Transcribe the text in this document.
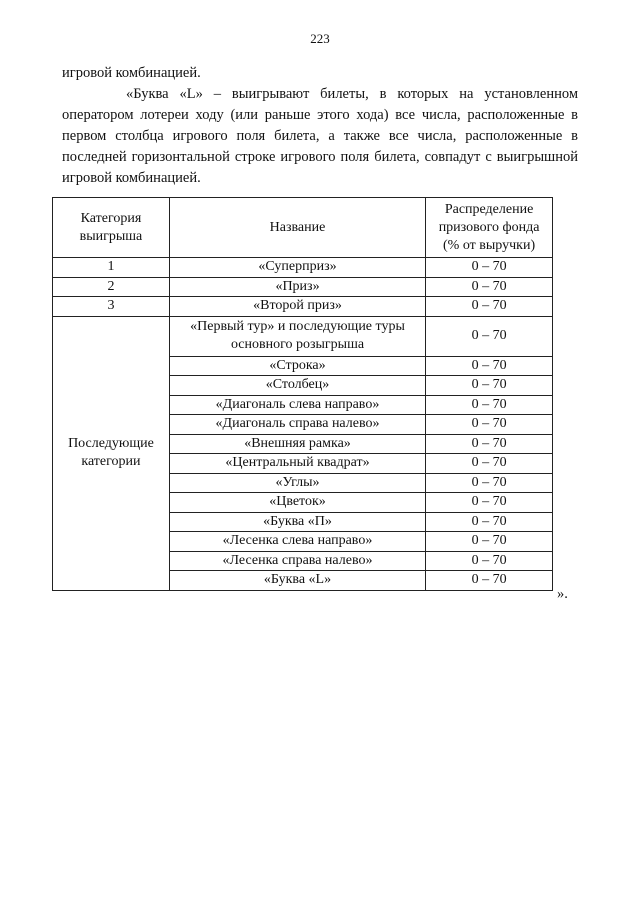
223
игровой комбинацией.
«Буква «L» – выигрывают билеты, в которых на установленном оператором лотереи ходу (или раньше этого хода) все числа, расположенные в первом столбца игрового поля билета, а также все числа, расположенные в последней горизонтальной строке игрового поля билета, совпадут с выигрышной игровой комбинацией.
Категория выигрыша	Название	Распределение призового фонда (% от выручки)
1	«Суперприз»	0 – 70
2	«Приз»	0 – 70
3	«Второй приз»	0 – 70
Последующие категории	«Первый тур» и последующие туры основного розыгрыша	0 – 70
	«Строка»	0 – 70
	«Столбец»	0 – 70
	«Диагональ слева направо»	0 – 70
	«Диагональ справа налево»	0 – 70
	«Внешняя рамка»	0 – 70
	«Центральный квадрат»	0 – 70
	«Углы»	0 – 70
	«Цветок»	0 – 70
	«Буква «П»	0 – 70
	«Лесенка слева направо»	0 – 70
	«Лесенка справа налево»	0 – 70
	«Буква «L»	0 – 70
».
